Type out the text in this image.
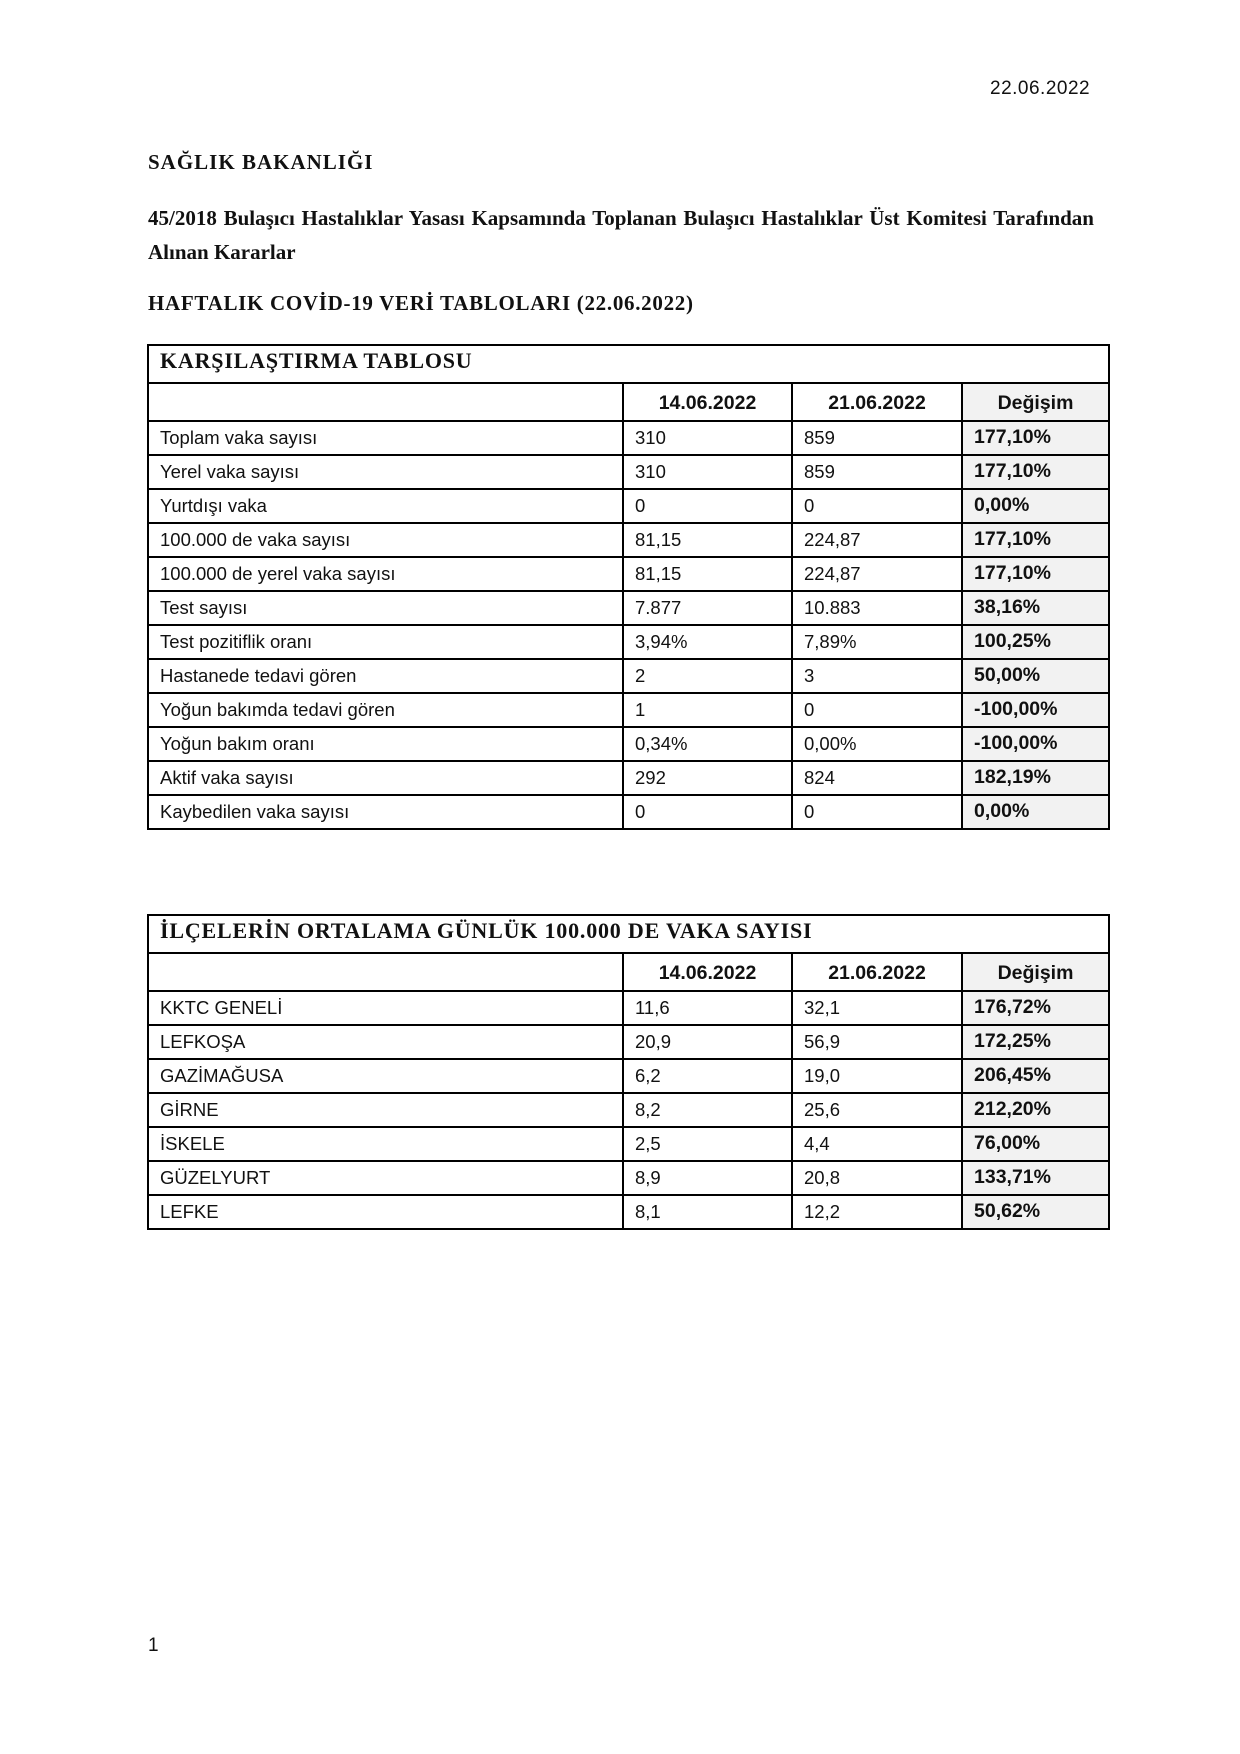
22.06.2022
SAĞLIK BAKANLIĞI
45/2018 Bulaşıcı Hastalıklar Yasası Kapsamında Toplanan Bulaşıcı Hastalıklar Üst Komitesi Tarafından Alınan Kararlar
HAFTALIK COVİD-19 VERİ TABLOLARI (22.06.2022)
KARŞILAŞTIRMA TABLOSU			
	14.06.2022	21.06.2022	Değişim
Toplam vaka sayısı	310	859	177,10%
Yerel vaka sayısı	310	859	177,10%
Yurtdışı vaka	0	0	0,00%
100.000 de vaka sayısı	81,15	224,87	177,10%
100.000 de yerel vaka sayısı	81,15	224,87	177,10%
Test sayısı	7.877	10.883	38,16%
Test pozitiflik oranı	3,94%	7,89%	100,25%
Hastanede tedavi gören	2	3	50,00%
Yoğun bakımda tedavi gören	1	0	-100,00%
Yoğun bakım oranı	0,34%	0,00%	-100,00%
Aktif vaka sayısı	292	824	182,19%
Kaybedilen vaka sayısı	0	0	0,00%
İLÇELERİN ORTALAMA GÜNLÜK 100.000 DE VAKA SAYISI			
	14.06.2022	21.06.2022	Değişim
KKTC GENELİ	11,6	32,1	176,72%
LEFKOŞA	20,9	56,9	172,25%
GAZİMAĞUSA	6,2	19,0	206,45%
GİRNE	8,2	25,6	212,20%
İSKELE	2,5	4,4	76,00%
GÜZELYURT	8,9	20,8	133,71%
LEFKE	8,1	12,2	50,62%
1
